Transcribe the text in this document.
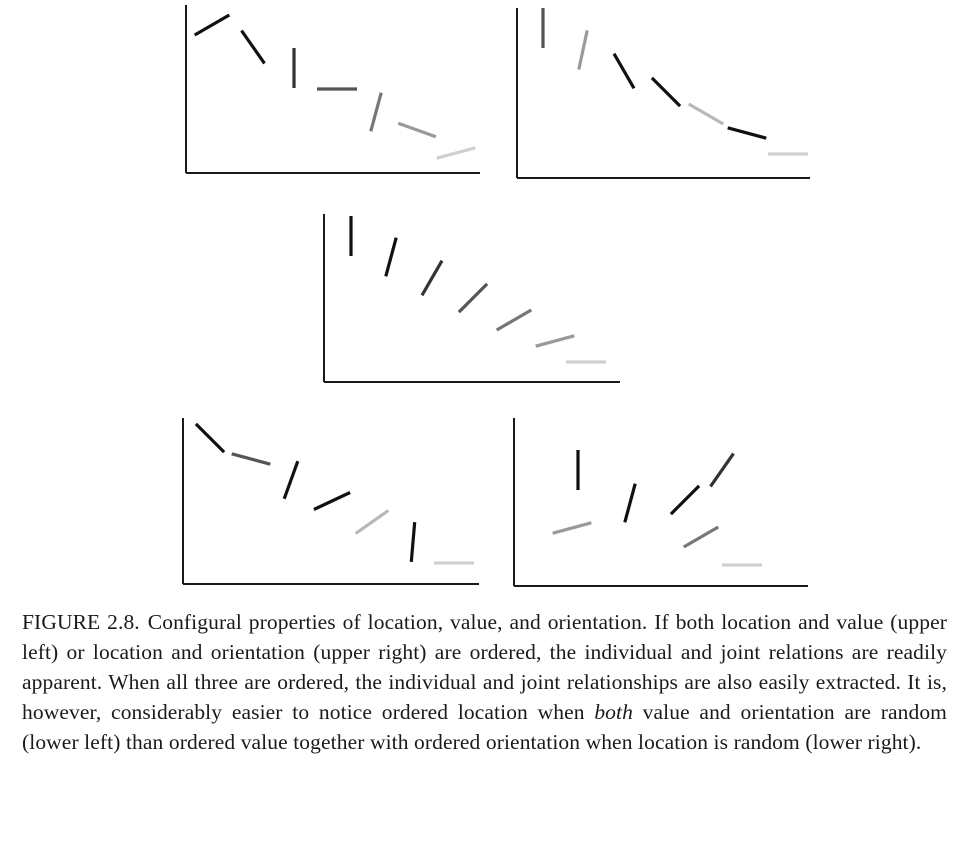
FIGURE 2.8. Configural properties of location, value, and orientation. If both location and value (upper left) or location and orientation (upper right) are ordered, the individual and joint relations are readily apparent. When all three are ordered, the individual and joint relationships are also easily extracted. It is, however, considerably easier to notice ordered location when both value and orientation are random (lower left) than ordered value together with ordered orientation when location is random (lower right).
